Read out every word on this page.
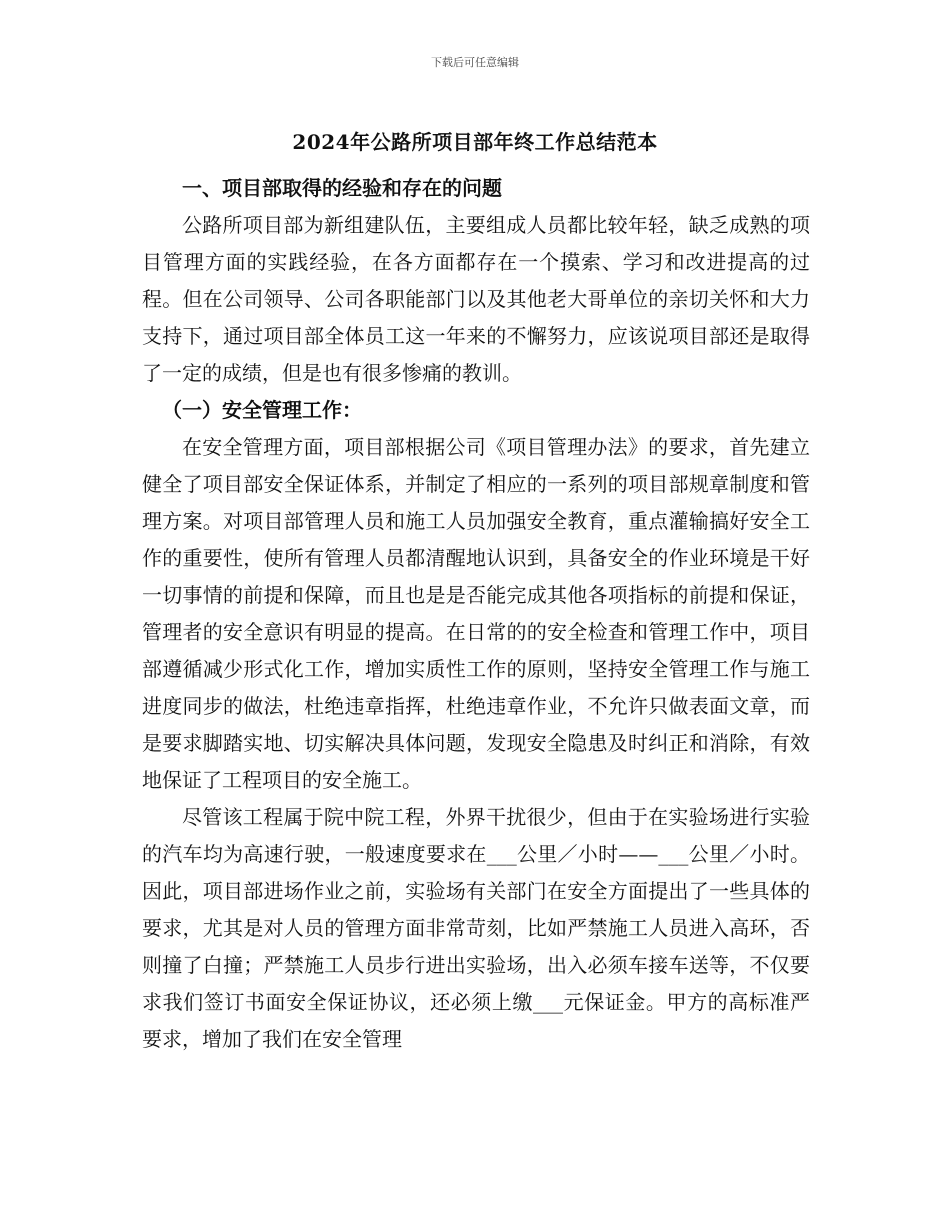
下载后可任意编辑
2024年公路所项目部年终工作总结范本
一、项目部取得的经验和存在的问题

公路所项目部为新组建队伍，主要组成人员都比较年轻，缺乏成熟的项目管理方面的实践经验，在各方面都存在一个摸索、学习和改进提高的过程。但在公司领导、公司各职能部门以及其他老大哥单位的亲切关怀和大力支持下，通过项目部全体员工这一年来的不懈努力，应该说项目部还是取得了一定的成绩，但是也有很多惨痛的教训。

（一）安全管理工作：

在安全管理方面，项目部根据公司《项目管理办法》的要求，首先建立健全了项目部安全保证体系，并制定了相应的一系列的项目部规章制度和管理方案。对项目部管理人员和施工人员加强安全教育，重点灌输搞好安全工作的重要性，使所有管理人员都清醒地认识到，具备安全的作业环境是干好一切事情的前提和保障，而且也是是否能完成其他各项指标的前提和保证，管理者的安全意识有明显的提高。在日常的的安全检查和管理工作中，项目部遵循减少形式化工作，增加实质性工作的原则，坚持安全管理工作与施工进度同步的做法，杜绝违章指挥，杜绝违章作业，不允许只做表面文章，而是要求脚踏实地、切实解决具体问题，发现安全隐患及时纠正和消除，有效地保证了工程项目的安全施工。

尽管该工程属于院中院工程，外界干扰很少，但由于在实验场进行实验的汽车均为高速行驶，一般速度要求在___公里／小时——___公里／小时。因此，项目部进场作业之前，实验场有关部门在安全方面提出了一些具体的要求，尤其是对人员的管理方面非常苛刻，比如严禁施工人员进入高环，否则撞了白撞；严禁施工人员步行进出实验场，出入必须车接车送等，不仅要求我们签订书面安全保证协议，还必须上缴___元保证金。甲方的高标准严要求，增加了我们在安全管理
